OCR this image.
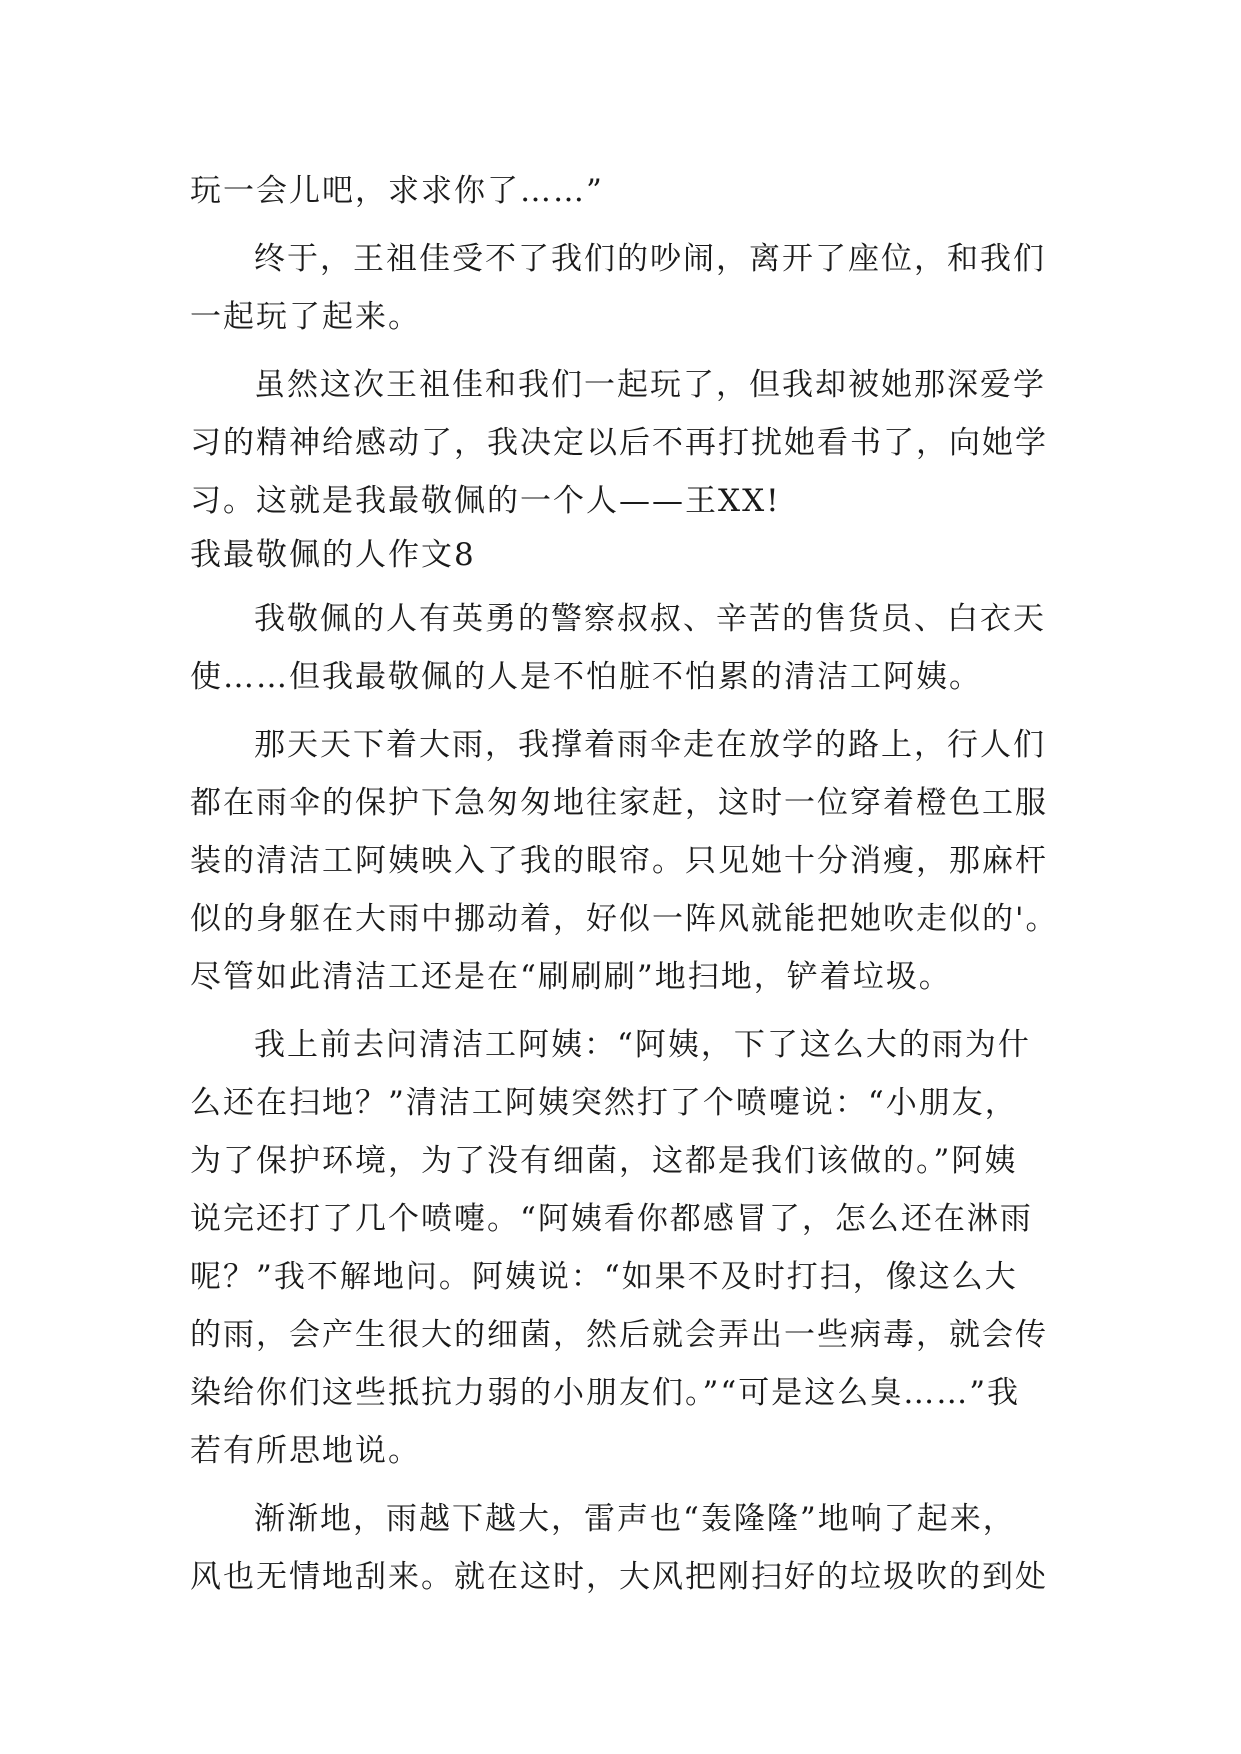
玩一会儿吧，求求你了……”
终于，王祖佳受不了我们的吵闹，离开了座位，和我们
一起玩了起来。
虽然这次王祖佳和我们一起玩了，但我却被她那深爱学
习的精神给感动了，我决定以后不再打扰她看书了，向她学
习。这就是我最敬佩的一个人——王XX!
我最敬佩的人作文8
我敬佩的人有英勇的警察叔叔、辛苦的售货员、白衣天
使……但我最敬佩的人是不怕脏不怕累的清洁工阿姨。
那天天下着大雨，我撑着雨伞走在放学的路上，行人们
都在雨伞的保护下急匆匆地往家赶，这时一位穿着橙色工服
装的清洁工阿姨映入了我的眼帘。只见她十分消瘦，那麻杆
似的身躯在大雨中挪动着，好似一阵风就能把她吹走似的'。
尽管如此清洁工还是在“刷刷刷”地扫地，铲着垃圾。
我上前去问清洁工阿姨：“阿姨，下了这么大的雨为什
么还在扫地？”清洁工阿姨突然打了个喷嚏说：“小朋友，
为了保护环境，为了没有细菌，这都是我们该做的。”阿姨
说完还打了几个喷嚏。“阿姨看你都感冒了，怎么还在淋雨
呢？”我不解地问。阿姨说：“如果不及时打扫，像这么大
的雨，会产生很大的细菌，然后就会弄出一些病毒，就会传
染给你们这些抵抗力弱的小朋友们。”“可是这么臭……”我
若有所思地说。
渐渐地，雨越下越大，雷声也“轰隆隆”地响了起来，
风也无情地刮来。就在这时，大风把刚扫好的垃圾吹的到处
